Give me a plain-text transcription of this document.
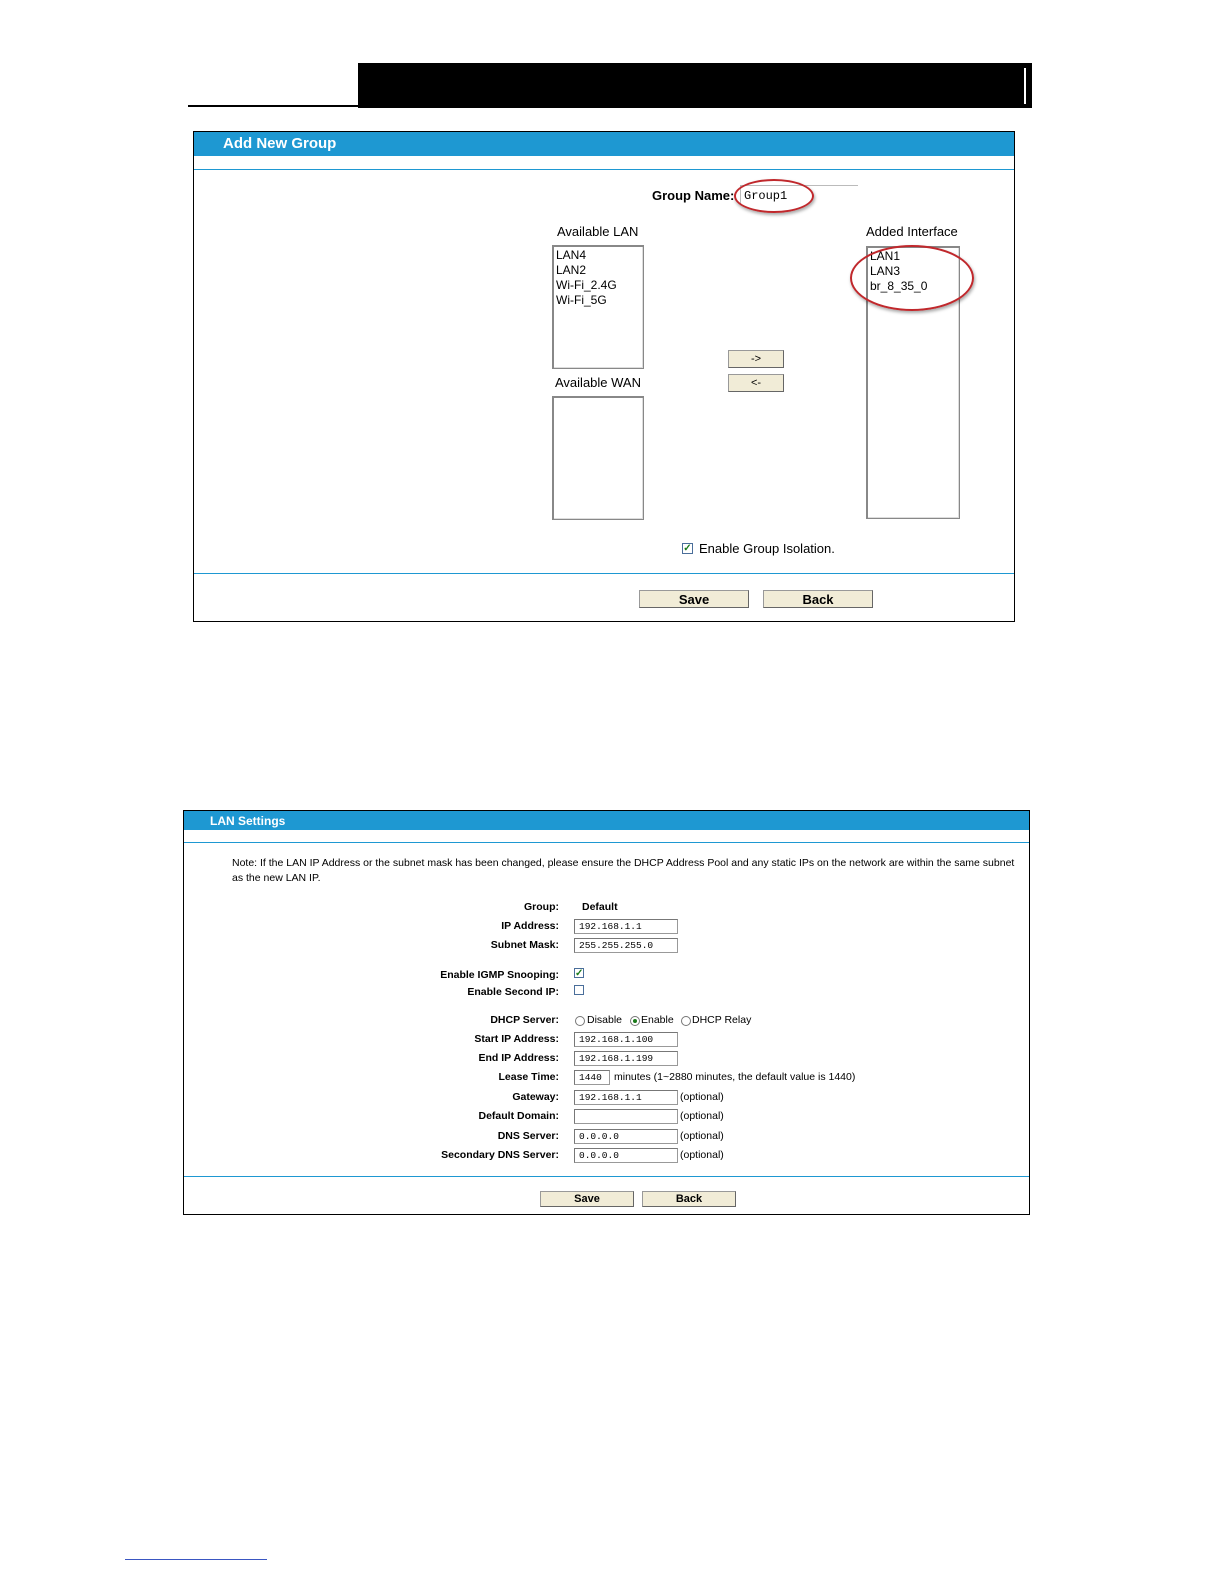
Add New Group
Group Name:
Group1
Available LAN
LAN4
LAN2
Wi-Fi_2.4G
Wi-Fi_5G
Available WAN
->
<-
Added Interface
LAN1
LAN3
br_8_35_0
✓ Enable Group Isolation.
Save	Back
LAN Settings
Note: If the LAN IP Address or the subnet mask has been changed, please ensure the DHCP Address Pool and any static IPs on the network are within the same subnet as the new LAN IP.
Group: Default
IP Address:
192.168.1.1
Subnet Mask:
255.255.255.0
Enable IGMP Snooping: ✓
Enable Second IP:
DHCP Server:	Disable Enable DHCP Relay
Start IP Address:
192.168.1.100
End IP Address:
192.168.1.199
Lease Time:
1440	minutes (1~2880 minutes, the default value is 1440)
Gateway:
192.168.1.1	(optional)
Default Domain:	(optional)
DNS Server:
0.0.0.0	(optional)
Secondary DNS Server:
0.0.0.0	(optional)
Save	Back
